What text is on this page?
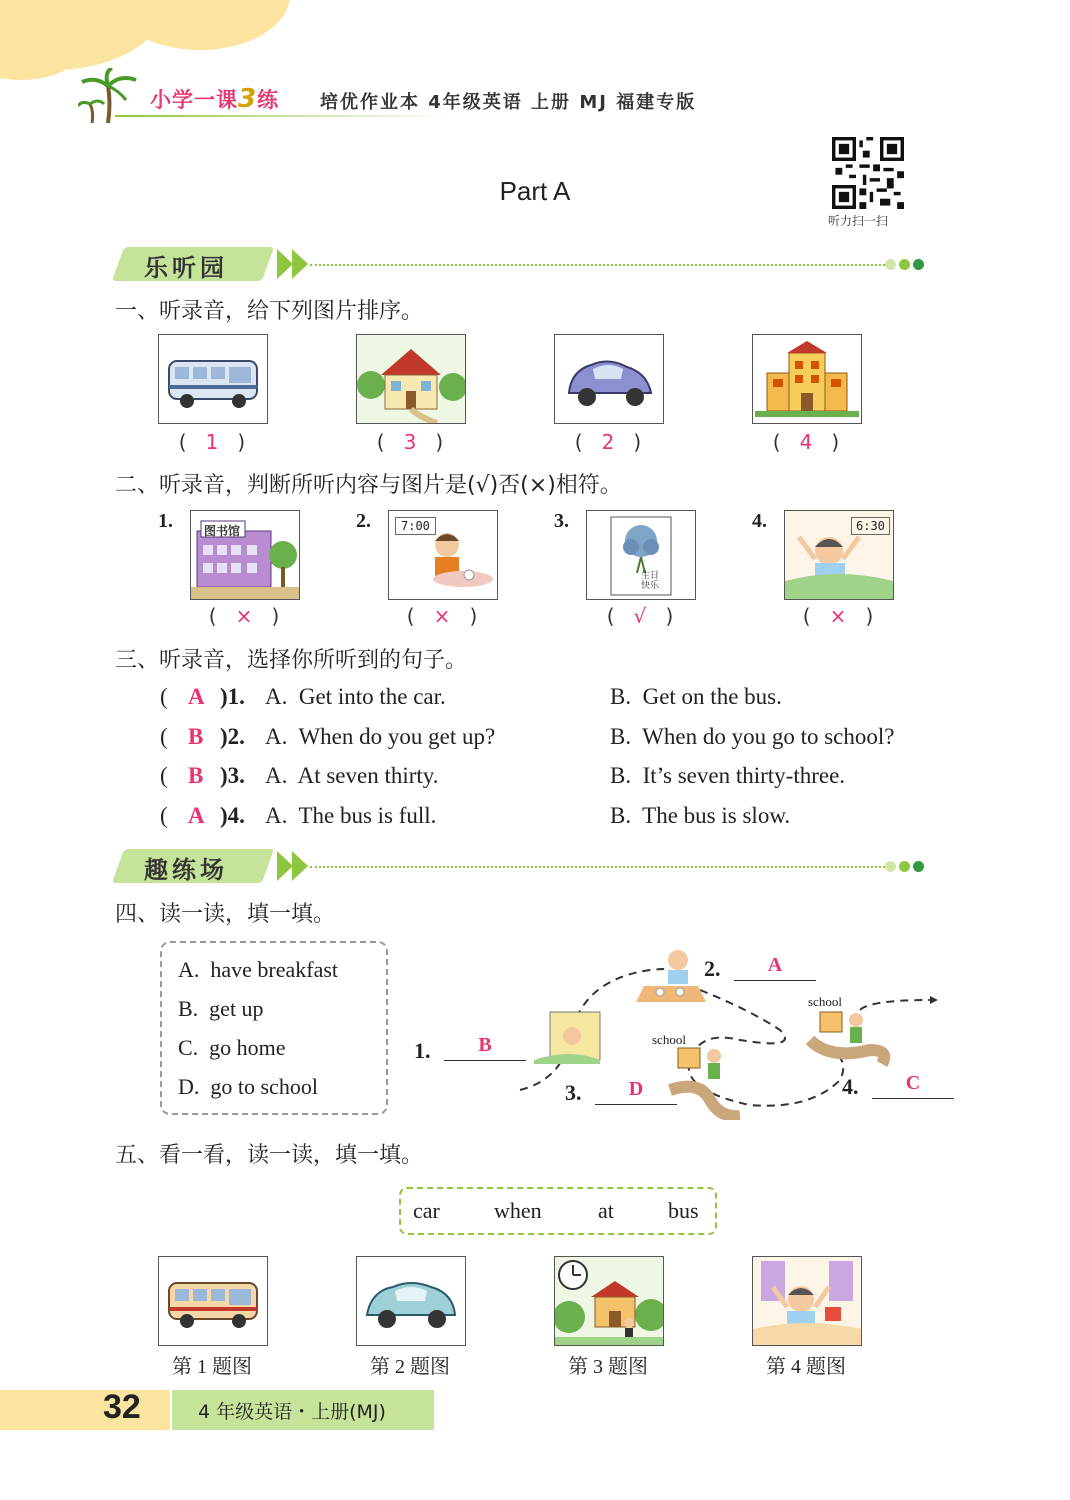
小学一课3练 培优作业本 4年级英语 上册 MJ 福建专版
Part A
听力扫一扫
乐听园
一、听录音，给下列图片排序。
(   1   )	(   3   )	(   2   )	(   4   )
二、听录音，判断所听内容与图片是(√)否(×)相符。
1.	图书馆
(   ×   )
2.	7:00
(   ×   )
3.
生日快乐
(   √   )
4.	6:30
(   ×   )
三、听录音，选择你所听到的句子。
( A )1. A.  Get into the car.	B.  Get on the bus.
( B )2. A.  When do you get up?	B.  When do you go to school?
( B )3. A.  At seven thirty.	B.  It’s seven thirty-three.
( A )4. A.  The bus is full.	B.  The bus is slow.
趣练场
四、读一读，填一填。
A.  have breakfast
B.  get up
C.  go home
D.  go to school
school
school
1.	B
2.	A
3.	D	4.	C
五、看一看，读一读，填一填。
car when	at bus
第 1 题图	第 2 题图	第 3 题图	第 4 题图
32	4 年级英语・上册(MJ)
